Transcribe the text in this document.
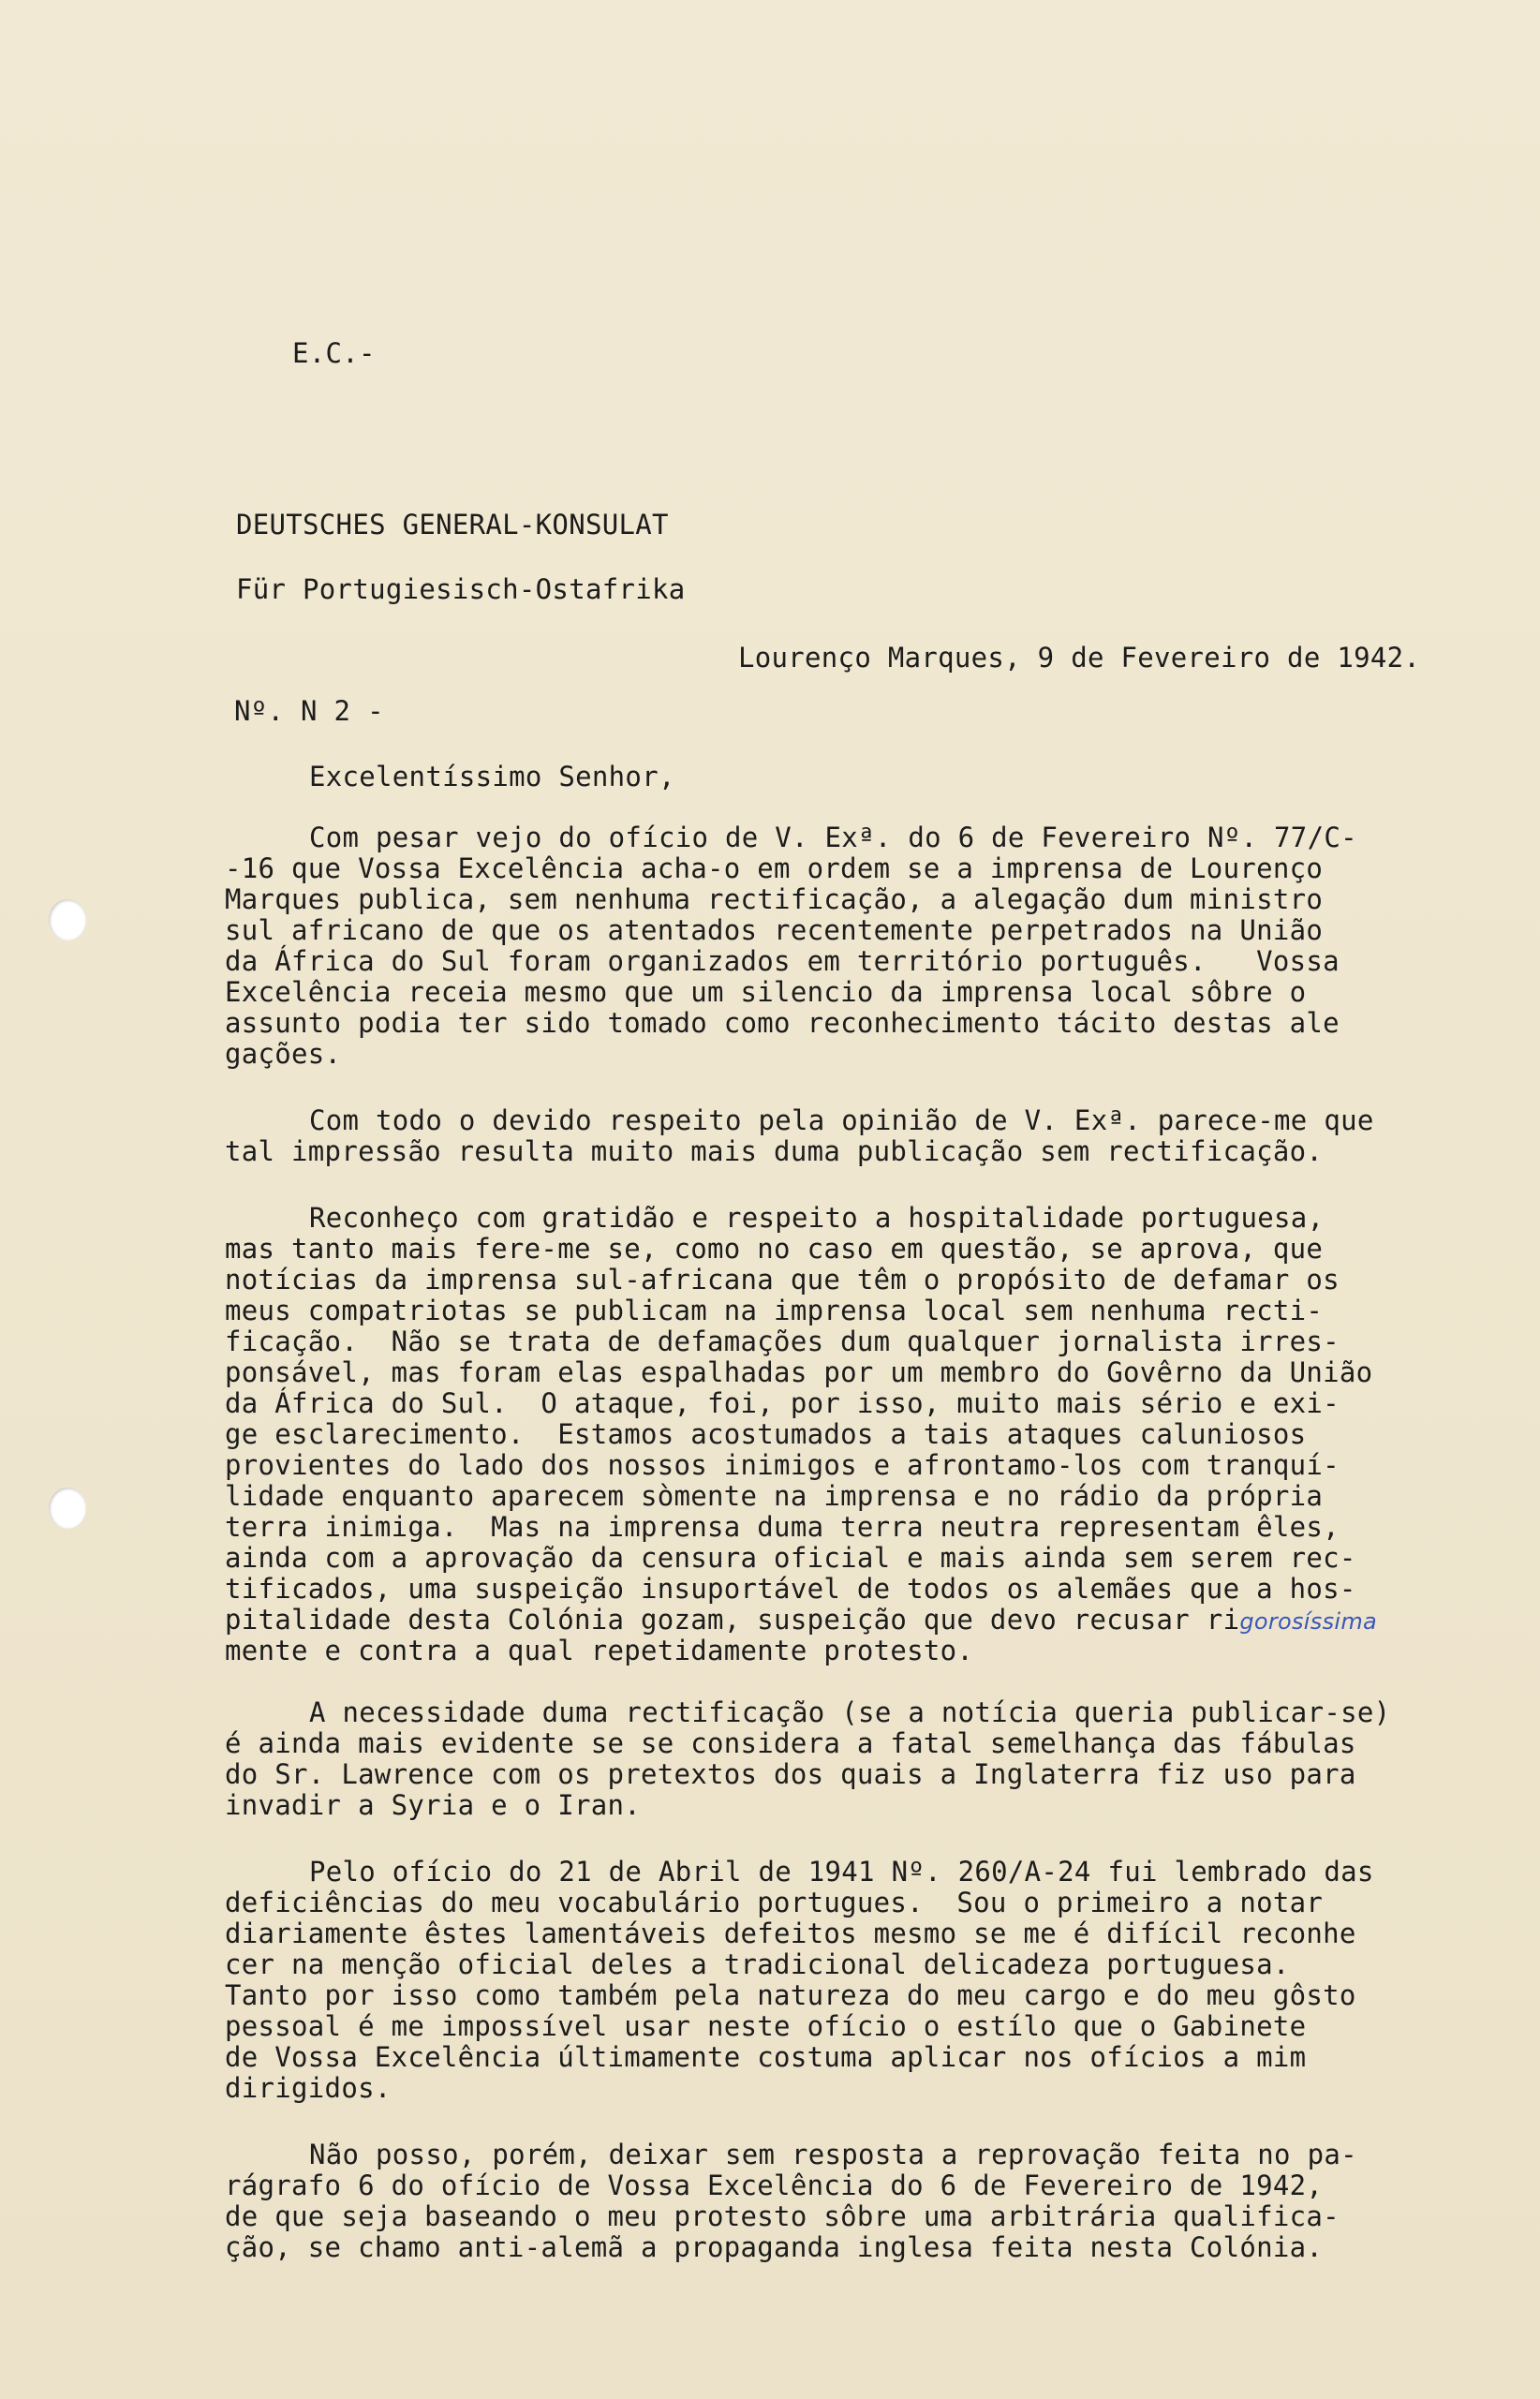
E.C.-
DEUTSCHES GENERAL-KONSULAT
Für Portugiesisch-Ostafrika
Lourenço Marques, 9 de Fevereiro de 1942.
Nº. N 2 -
Excelentíssimo Senhor,
Com pesar vejo do ofício de V. Exª. do 6 de Fevereiro Nº. 77/C-
-16 que Vossa Excelência acha-o em ordem se a imprensa de Lourenço
Marques publica, sem nenhuma rectificação, a alegação dum ministro
sul africano de que os atentados recentemente perpetrados na União
da África do Sul foram organizados em território português.   Vossa
Excelência receia mesmo que um silencio da imprensa local sôbre o
assunto podia ter sido tomado como reconhecimento tácito destas ale
gações.
Com todo o devido respeito pela opinião de V. Exª. parece-me que
tal impressão resulta muito mais duma publicação sem rectificação.
Reconheço com gratidão e respeito a hospitalidade portuguesa,
mas tanto mais fere-me se, como no caso em questão, se aprova, que
notícias da imprensa sul-africana que têm o propósito de defamar os
meus compatriotas se publicam na imprensa local sem nenhuma recti-
ficação.  Não se trata de defamações dum qualquer jornalista irres-
ponsável, mas foram elas espalhadas por um membro do Govêrno da União
da África do Sul.  O ataque, foi, por isso, muito mais sério e exi-
ge esclarecimento.  Estamos acostumados a tais ataques caluniosos
provientes do lado dos nossos inimigos e afrontamo-los com tranquí-
lidade enquanto aparecem sòmente na imprensa e no rádio da própria
terra inimiga.  Mas na imprensa duma terra neutra representam êles,
ainda com a aprovação da censura oficial e mais ainda sem serem rec-
tificados, uma suspeição insuportável de todos os alemães que a hos-
pitalidade desta Colónia gozam, suspeição que devo recusar rigorosíssima
mente e contra a qual repetidamente protesto.
A necessidade duma rectificação (se a notícia queria publicar-se)
é ainda mais evidente se se considera a fatal semelhança das fábulas
do Sr. Lawrence com os pretextos dos quais a Inglaterra fiz uso para
invadir a Syria e o Iran.
Pelo ofício do 21 de Abril de 1941 Nº. 260/A-24 fui lembrado das
deficiências do meu vocabulário portugues.  Sou o primeiro a notar
diariamente êstes lamentáveis defeitos mesmo se me é difícil reconhe
cer na menção oficial deles a tradicional delicadeza portuguesa.
Tanto por isso como também pela natureza do meu cargo e do meu gôsto
pessoal é me impossível usar neste ofício o estílo que o Gabinete
de Vossa Excelência últimamente costuma aplicar nos ofícios a mim
dirigidos.
Não posso, porém, deixar sem resposta a reprovação feita no pa-
rágrafo 6 do ofício de Vossa Excelência do 6 de Fevereiro de 1942,
de que seja baseando o meu protesto sôbre uma arbitrária qualifica-
ção, se chamo anti-alemã a propaganda inglesa feita nesta Colónia.
